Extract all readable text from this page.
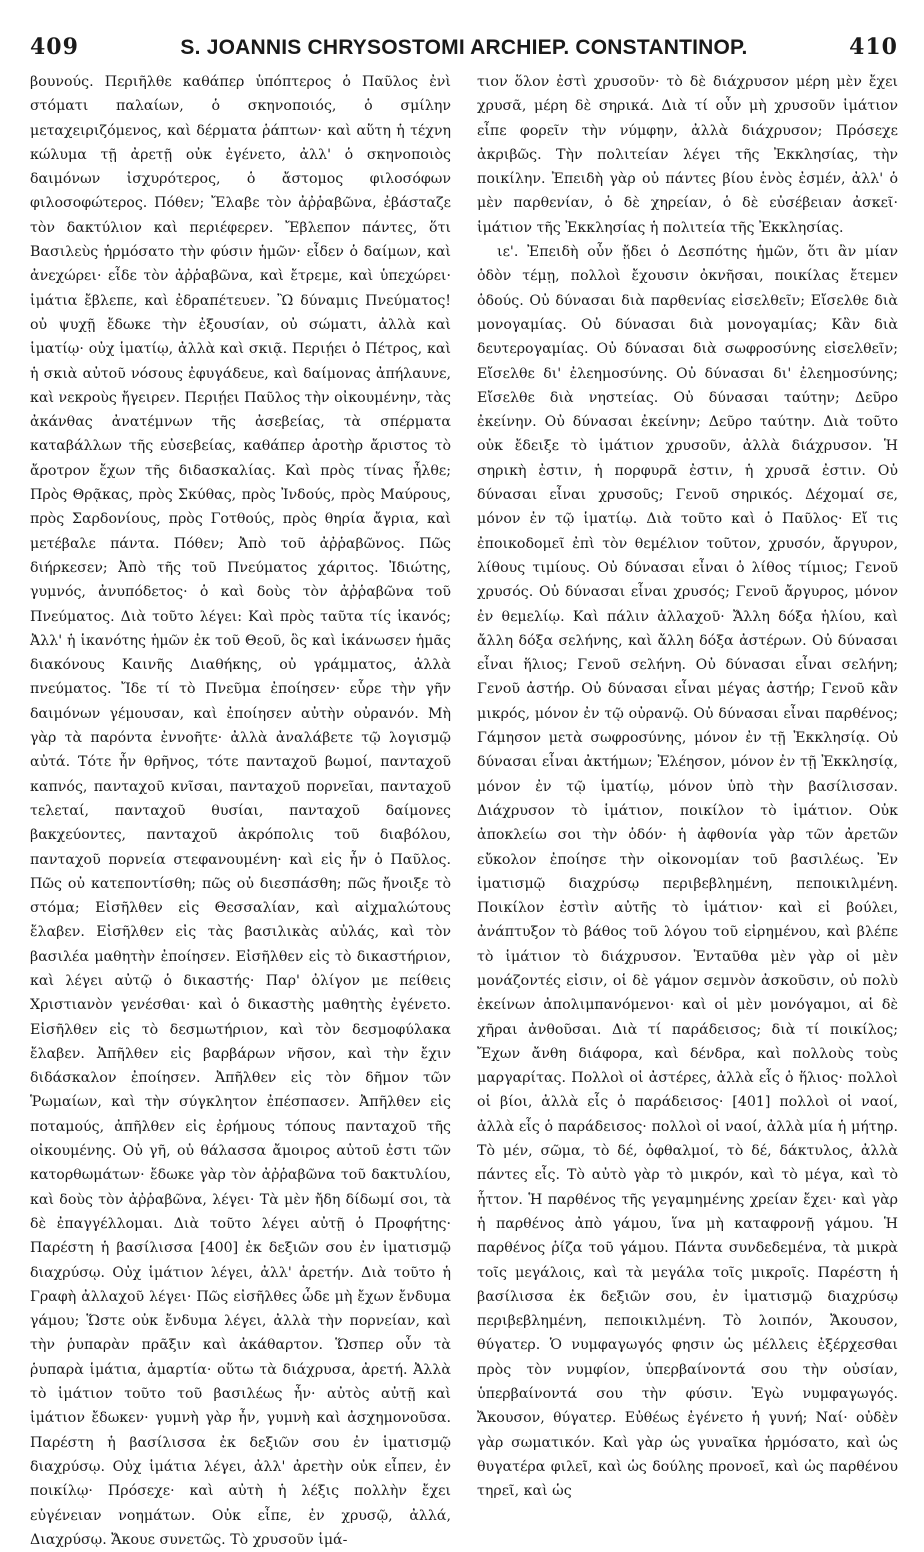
409	S. JOANNIS CHRYSOSTOMI ARCHIEP. CONSTANTINOP.	410

βουνούς. Περιῆλθε καθάπερ ὑπόπτερος ὁ Παῦλος ἐνὶ στόματι παλαίων, ὁ σκηνοποιός, ὁ σμίλην μεταχειριζόμενος, καὶ δέρματα ῥάπτων· καὶ αὕτη ἡ τέχνη κώλυμα τῇ ἀρετῇ οὐκ ἐγένετο, ἀλλ' ὁ σκηνοποιὸς δαιμόνων ἰσχυρότερος, ὁ ἄστομος φιλοσόφων φιλοσοφώτερος. Πόθεν; Ἔλαβε τὸν ἀῤῥαβῶνα, ἐβάσταζε τὸν δακτύλιον καὶ περιέφερεν. Ἔβλεπον πάντες, ὅτι Βασιλεὺς ἡρμόσατο τὴν φύσιν ἡμῶν· εἶδεν ὁ δαίμων, καὶ ἀνεχώρει· εἶδε τὸν ἀῤῥαβῶνα, καὶ ἔτρεμε, καὶ ὑπεχώρει· ἱμάτια ἔβλεπε, καὶ ἐδραπέτευεν. Ὢ δύναμις Πνεύματος! οὐ ψυχῇ ἔδωκε τὴν ἐξουσίαν, οὐ σώματι, ἀλλὰ καὶ ἱματίῳ· οὐχ ἱματίῳ, ἀλλὰ καὶ σκιᾷ. Περιῄει ὁ Πέτρος, καὶ ἡ σκιὰ αὐτοῦ νόσους ἐφυγάδευε, καὶ δαίμονας ἀπήλαυνε, καὶ νεκροὺς ἤγειρεν. Περιῄει Παῦλος τὴν οἰκουμένην, τὰς ἀκάνθας ἀνατέμνων τῆς ἀσεβείας, τὰ σπέρματα καταβάλλων τῆς εὐσεβείας, καθάπερ ἀροτὴρ ἄριστος τὸ ἄροτρον ἔχων τῆς διδασκαλίας. Καὶ πρὸς τίνας ἦλθε; Πρὸς Θρᾷκας, πρὸς Σκύθας, πρὸς Ἰνδούς, πρὸς Μαύρους, πρὸς Σαρδονίους, πρὸς Γοτθούς, πρὸς θηρία ἄγρια, καὶ μετέβαλε πάντα. Πόθεν; Ἀπὸ τοῦ ἀῤῥαβῶνος. Πῶς διήρκεσεν; Ἀπὸ τῆς τοῦ Πνεύματος χάριτος. Ἰδιώτης, γυμνός, ἀνυπόδετος· ὁ καὶ δοὺς τὸν ἀῤῥαβῶνα τοῦ Πνεύματος. Διὰ τοῦτο λέγει: Καὶ πρὸς ταῦτα τίς ἱκανός; Ἀλλ' ἡ ἱκανότης ἡμῶν ἐκ τοῦ Θεοῦ, ὃς καὶ ἱκάνωσεν ἡμᾶς διακόνους Καινῆς Διαθήκης, οὐ γράμματος, ἀλλὰ πνεύματος. Ἴδε τί τὸ Πνεῦμα ἐποίησεν· εὗρε τὴν γῆν δαιμόνων γέμουσαν, καὶ ἐποίησεν αὐτὴν οὐρανόν. Μὴ γὰρ τὰ παρόντα ἐννοῆτε· ἀλλὰ ἀναλάβετε τῷ λογισμῷ αὐτά. Τότε ἦν θρῆνος, τότε πανταχοῦ βωμοί, πανταχοῦ καπνός, πανταχοῦ κνῖσαι, πανταχοῦ πορνεῖαι, πανταχοῦ τελεταί, πανταχοῦ θυσίαι, πανταχοῦ δαίμονες βακχεύοντες, πανταχοῦ ἀκρόπολις τοῦ διαβόλου, πανταχοῦ πορνεία στεφανουμένη· καὶ εἰς ἦν ὁ Παῦλος. Πῶς οὐ κατεποντίσθη; πῶς οὐ διεσπάσθη; πῶς ἤνοιξε τὸ στόμα; Εἰσῆλθεν εἰς Θεσσαλίαν, καὶ αἰχμαλώτους ἔλαβεν. Εἰσῆλθεν εἰς τὰς βασιλικὰς αὐλάς, καὶ τὸν βασιλέα μαθητὴν ἐποίησεν. Εἰσῆλθεν εἰς τὸ δικαστήριον, καὶ λέγει αὐτῷ ὁ δικαστής· Παρ' ὀλίγον με πείθεις Χριστιανὸν γενέσθαι· καὶ ὁ δικαστὴς μαθητὴς ἐγένετο. Εἰσῆλθεν εἰς τὸ δεσμωτήριον, καὶ τὸν δεσμοφύλακα ἔλαβεν. Ἀπῆλθεν εἰς βαρβάρων νῆσον, καὶ τὴν ἔχιν διδάσκαλον ἐποίησεν. Ἀπῆλθεν εἰς τὸν δῆμον τῶν Ῥωμαίων, καὶ τὴν σύγκλητον ἐπέσπασεν. Ἀπῆλθεν εἰς ποταμούς, ἀπῆλθεν εἰς ἐρήμους τόπους πανταχοῦ τῆς οἰκουμένης. Οὐ γῆ, οὐ θάλασσα ἄμοιρος αὐτοῦ ἐστι τῶν κατορθωμάτων· ἔδωκε γὰρ τὸν ἀῤῥαβῶνα τοῦ δακτυλίου, καὶ δοὺς τὸν ἀῤῥαβῶνα, λέγει· Τὰ μὲν ἤδη δίδωμί σοι, τὰ δὲ ἐπαγγέλλομαι. Διὰ τοῦτο λέγει αὐτῇ ὁ Προφήτης· Παρέστη ἡ βασίλισσα [400] ἐκ δεξιῶν σου ἐν ἱματισμῷ διαχρύσῳ. Οὐχ ἱμάτιον λέγει, ἀλλ' ἀρετήν. Διὰ τοῦτο ἡ Γραφὴ ἀλλαχοῦ λέγει· Πῶς εἰσῆλθες ὧδε μὴ ἔχων ἔνδυμα γάμου; Ὥστε οὐκ ἔνδυμα λέγει, ἀλλὰ τὴν πορνείαν, καὶ τὴν ῥυπαρὰν πρᾶξιν καὶ ἀκάθαρτον. Ὥσπερ οὖν τὰ ῥυπαρὰ ἱμάτια, ἁμαρτία· οὕτω τὰ διάχρυσα, ἀρετή. Ἀλλὰ τὸ ἱμάτιον τοῦτο τοῦ βασιλέως ἦν· αὐτὸς αὐτῇ καὶ ἱμάτιον ἔδωκεν· γυμνὴ γὰρ ἦν, γυμνὴ καὶ ἀσχημονοῦσα. Παρέστη ἡ βασίλισσα ἐκ δεξιῶν σου ἐν ἱματισμῷ διαχρύσῳ. Οὐχ ἱμάτια λέγει, ἀλλ' ἀρετὴν οὐκ εἶπεν, ἐν ποικίλῳ· Πρόσεχε· καὶ αὐτὴ ἡ λέξις πολλὴν ἔχει εὐγένειαν νοημάτων. Οὐκ εἶπε, ἐν χρυσῷ, ἀλλά, Διαχρύσῳ. Ἄκουε συνετῶς. Τὸ χρυσοῦν ἱμά-

τιον ὅλον ἐστὶ χρυσοῦν· τὸ δὲ διάχρυσον μέρη μὲν ἔχει χρυσᾶ, μέρη δὲ σηρικά. Διὰ τί οὖν μὴ χρυσοῦν ἱμάτιον εἶπε φορεῖν τὴν νύμφην, ἀλλὰ διάχρυσον; Πρόσεχε ἀκριβῶς. Τὴν πολιτείαν λέγει τῆς Ἐκκλησίας, τὴν ποικίλην. Ἐπειδὴ γὰρ οὐ πάντες βίου ἑνὸς ἐσμέν, ἀλλ' ὁ μὲν παρθενίαν, ὁ δὲ χηρείαν, ὁ δὲ εὐσέβειαν ἀσκεῖ· ἱμάτιον τῆς Ἐκκλησίας ἡ πολιτεία τῆς Ἐκκλησίας.

ιε'. Ἐπειδὴ οὖν ᾔδει ὁ Δεσπότης ἡμῶν, ὅτι ἂν μίαν ὁδὸν τέμῃ, πολλοὶ ἔχουσιν ὀκνῆσαι, ποικίλας ἔτεμεν ὁδούς. Οὐ δύνασαι διὰ παρθενίας εἰσελθεῖν; Εἴσελθε διὰ μονογαμίας. Οὐ δύνασαι διὰ μονογαμίας; Κἂν διὰ δευτερογαμίας. Οὐ δύνασαι διὰ σωφροσύνης εἰσελθεῖν; Εἴσελθε δι' ἐλεημοσύνης. Οὐ δύνασαι δι' ἐλεημοσύνης; Εἴσελθε διὰ νηστείας. Οὐ δύνασαι ταύτην; Δεῦρο ἐκείνην. Οὐ δύνασαι ἐκείνην; Δεῦρο ταύτην. Διὰ τοῦτο οὐκ ἔδειξε τὸ ἱμάτιον χρυσοῦν, ἀλλὰ διάχρυσον. Ἡ σηρικὴ ἐστιν, ἡ πορφυρᾶ ἐστιν, ἡ χρυσᾶ ἐστιν. Οὐ δύνασαι εἶναι χρυσοῦς; Γενοῦ σηρικός. Δέχομαί σε, μόνον ἐν τῷ ἱματίῳ. Διὰ τοῦτο καὶ ὁ Παῦλος· Εἴ τις ἐποικοδομεῖ ἐπὶ τὸν θεμέλιον τοῦτον, χρυσόν, ἄργυρον, λίθους τιμίους. Οὐ δύνασαι εἶναι ὁ λίθος τίμιος; Γενοῦ χρυσός. Οὐ δύνασαι εἶναι χρυσός; Γενοῦ ἄργυρος, μόνον ἐν θεμελίῳ. Καὶ πάλιν ἀλλαχοῦ· Ἄλλη δόξα ἡλίου, καὶ ἄλλη δόξα σελήνης, καὶ ἄλλη δόξα ἀστέρων. Οὐ δύνασαι εἶναι ἥλιος; Γενοῦ σελήνη. Οὐ δύνασαι εἶναι σελήνη; Γενοῦ ἀστήρ. Οὐ δύνασαι εἶναι μέγας ἀστήρ; Γενοῦ κἂν μικρός, μόνον ἐν τῷ οὐρανῷ. Οὐ δύνασαι εἶναι παρθένος; Γάμησον μετὰ σωφροσύνης, μόνον ἐν τῇ Ἐκκλησίᾳ. Οὐ δύνασαι εἶναι ἀκτήμων; Ἐλέησον, μόνον ἐν τῇ Ἐκκλησίᾳ, μόνον ἐν τῷ ἱματίῳ, μόνον ὑπὸ τὴν βασίλισσαν. Διάχρυσον τὸ ἱμάτιον, ποικίλον τὸ ἱμάτιον. Οὐκ ἀποκλείω σοι τὴν ὁδόν· ἡ ἀφθονία γὰρ τῶν ἀρετῶν εὔκολον ἐποίησε τὴν οἰκονομίαν τοῦ βασιλέως. Ἐν ἱματισμῷ διαχρύσῳ περιβεβλημένη, πεποικιλμένη. Ποικίλον ἐστὶν αὐτῆς τὸ ἱμάτιον· καὶ εἰ βούλει, ἀνάπτυξον τὸ βάθος τοῦ λόγου τοῦ εἰρημένου, καὶ βλέπε τὸ ἱμάτιον τὸ διάχρυσον. Ἐνταῦθα μὲν γὰρ οἱ μὲν μονάζοντές εἰσιν, οἱ δὲ γάμον σεμνὸν ἀσκοῦσιν, οὐ πολὺ ἐκείνων ἀπολιμπανόμενοι· καὶ οἱ μὲν μονόγαμοι, αἱ δὲ χῆραι ἀνθοῦσαι. Διὰ τί παράδεισος; διὰ τί ποικίλος; Ἔχων ἄνθη διάφορα, καὶ δένδρα, καὶ πολλοὺς τοὺς μαργαρίτας. Πολλοὶ οἱ ἀστέρες, ἀλλὰ εἷς ὁ ἥλιος· πολλοὶ οἱ βίοι, ἀλλὰ εἷς ὁ παράδεισος· [401] πολλοὶ οἱ ναοί, ἀλλὰ εἷς ὁ παράδεισος· πολλοὶ οἱ ναοί, ἀλλὰ μία ἡ μήτηρ. Τὸ μέν, σῶμα, τὸ δέ, ὀφθαλμοί, τὸ δέ, δάκτυλος, ἀλλὰ πάντες εἷς. Τὸ αὐτὸ γὰρ τὸ μικρόν, καὶ τὸ μέγα, καὶ τὸ ἧττον. Ἡ παρθένος τῆς γεγαμημένης χρείαν ἔχει· καὶ γὰρ ἡ παρθένος ἀπὸ γάμου, ἵνα μὴ καταφρονῇ γάμου. Ἡ παρθένος ῥίζα τοῦ γάμου. Πάντα συνδεδεμένα, τὰ μικρὰ τοῖς μεγάλοις, καὶ τὰ μεγάλα τοῖς μικροῖς. Παρέστη ἡ βασίλισσα ἐκ δεξιῶν σου, ἐν ἱματισμῷ διαχρύσῳ περιβεβλημένη, πεποικιλμένη. Τὸ λοιπόν, Ἄκουσον, θύγατερ. Ὁ νυμφαγωγός φησιν ὡς μέλλεις ἐξέρχεσθαι πρὸς τὸν νυμφίον, ὑπερβαίνοντά σου τὴν οὐσίαν, ὑπερβαίνοντά σου τὴν φύσιν. Ἐγὼ νυμφαγωγός. Ἄκουσον, θύγατερ. Εὐθέως ἐγένετο ἡ γυνή; Ναί· οὐδὲν γὰρ σωματικόν. Καὶ γὰρ ὡς γυναῖκα ἡρμόσατο, καὶ ὡς θυγατέρα φιλεῖ, καὶ ὡς δούλης προνοεῖ, καὶ ὡς παρθένου τηρεῖ, καὶ ὡς
